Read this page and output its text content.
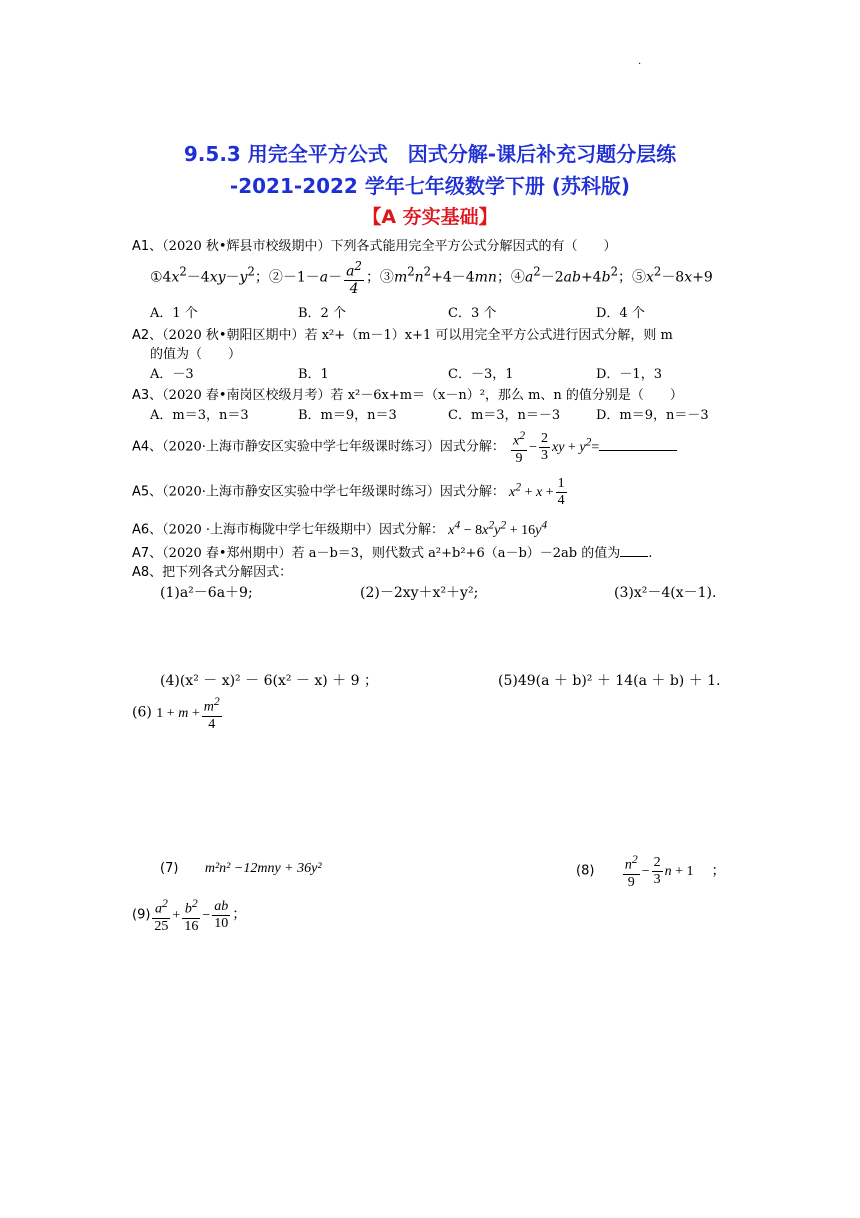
.
9.5.3 用完全平方公式　因式分解-课后补充习题分层练
-2021-2022 学年七年级数学下册 (苏科版)
【A 夯实基础】
A1、（2020 秋•辉县市校级期中）下列各式能用完全平方公式分解因式的有（　　）
$①4x^2-4xy-y^2$；②－1－a－ $\frac{a^2}{4}$ ；$③m^2n^2+4-4mn$；$④a^2-2ab+4b^2$；$⑤x^2-8x+9$
A．1 个	B．2 个	C．3 个	D．4 个
A2、（2020 秋•朝阳区期中）若 x²+（m－1）x+1 可以用完全平方公式进行因式分解，则 m
的值为（　　）
A．－3	B．1	C．－3，1	D．－1，3
A3、（2020 春•南岗区校级月考）若 x²－6x+m＝（x－n）²，那么 m、n 的值分别是（　　）
A．m＝3，n＝3	B．m＝9，n＝3	C．m＝3，n＝－3	D．m＝9，n＝－3
A4、（2020·上海市静安区实验中学七年级课时练习）因式分解： $\frac{x^2}{9} - \frac{2}{3}$ xy + $y^2=$
A5、（2020·上海市静安区实验中学七年级课时练习）因式分解： $x^2 + x + \frac{1}{4}$
A6、（2020 ·上海市梅陇中学七年级期中）因式分解： $x^4 - 8x^2y^2 + 16y^4$
A7、（2020 春•郑州期中）若 a－b＝3，则代数式 a²+b²+6（a－b）－2ab 的值为 .
A8、把下列各式分解因式：
(1)a²－6a＋9;	(2)－2xy＋x²＋y²;	(3)x²－4(x－1).
(4)(x² － x)² － 6(x² － x) ＋ 9 ；	(5)49(a ＋ b)² ＋ 14(a ＋ b) ＋ 1.
(6) $1 + m + \frac{m^2}{4}$
(7) m²n² −12mny + 36y²	$(8) \frac{n^2}{9} - \frac{2}{3}$ n + 1 ；
$(9) \frac{a^2}{25} + \frac{b^2}{16} - \frac{ab}{10}$ ；
